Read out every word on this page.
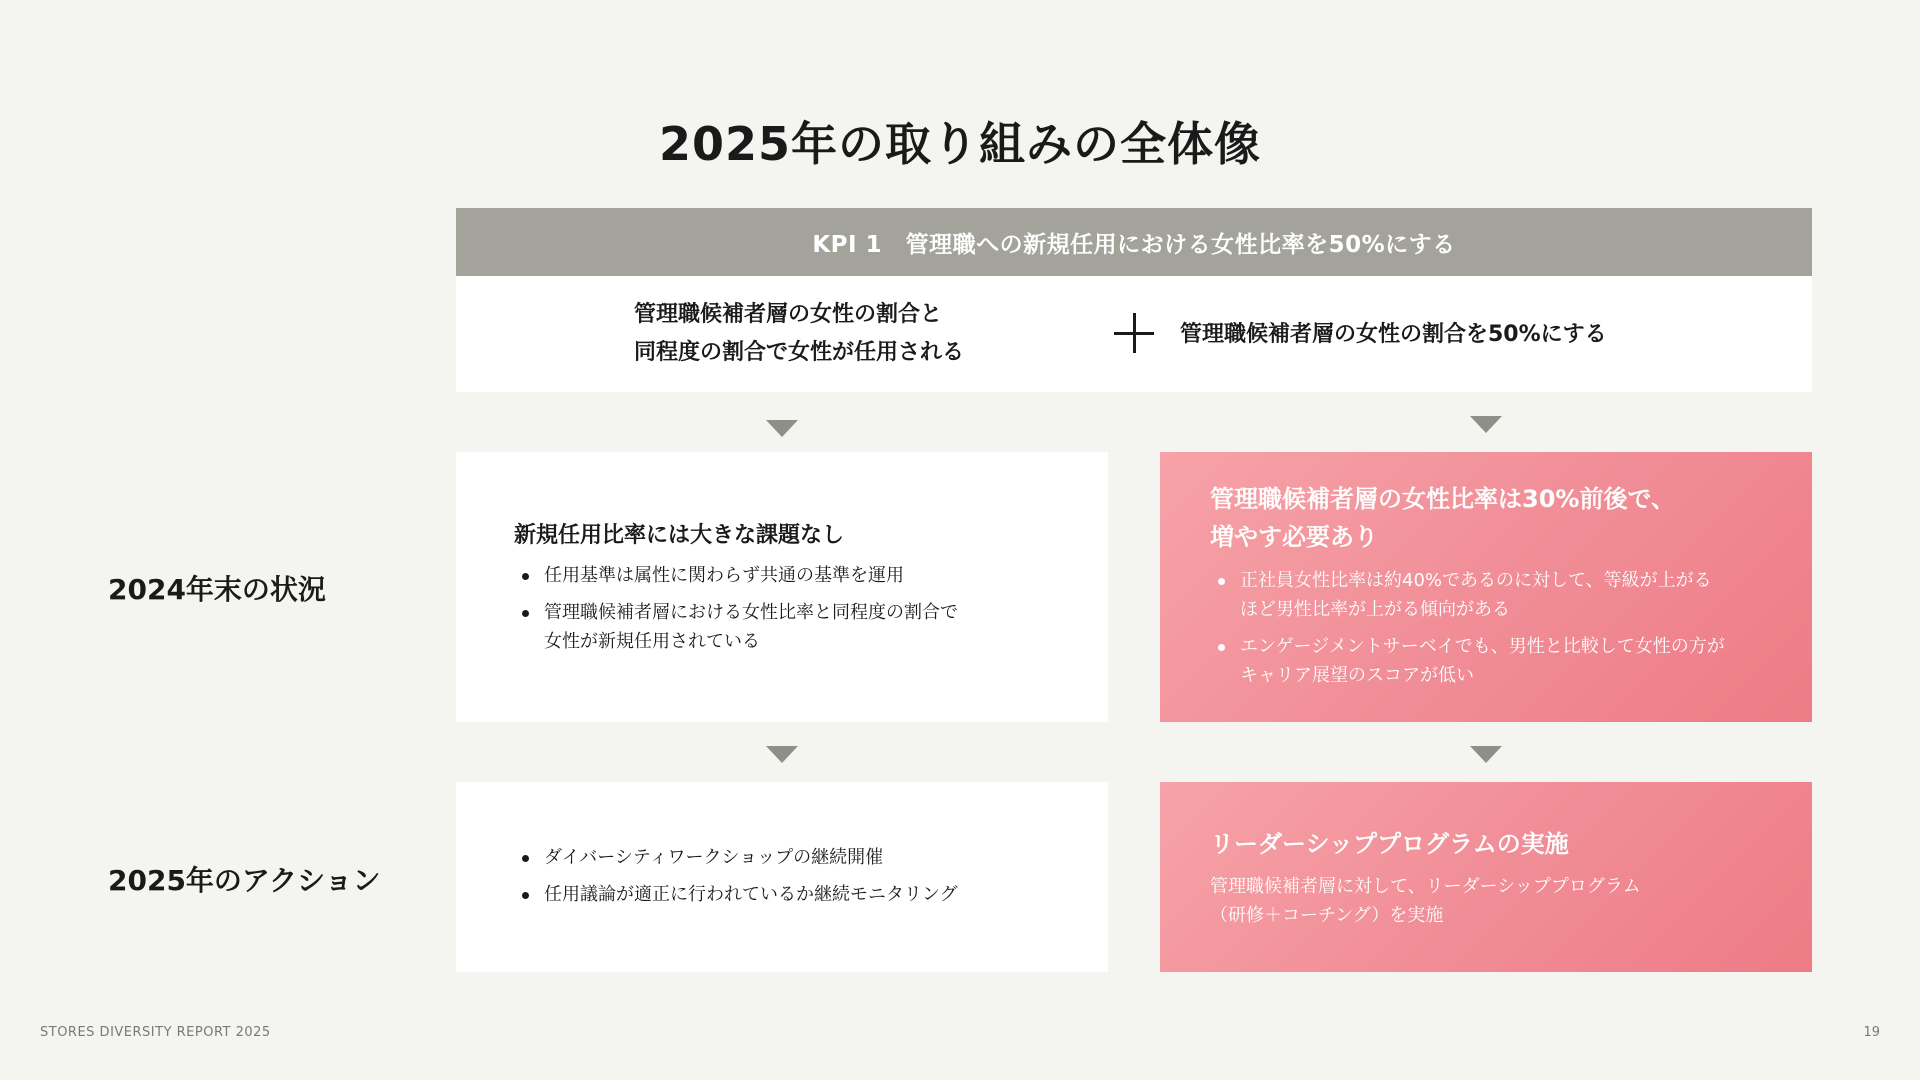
2025年の取り組みの全体像
KPI 1　管理職への新規任用における女性比率を50%にする
管理職候補者層の女性の割合と
同程度の割合で女性が任用される
管理職候補者層の女性の割合を50%にする
2024年末の状況
2025年のアクション
新規任用比率には大きな課題なし
任用基準は属性に関わらず共通の基準を運用
管理職候補者層における女性比率と同程度の割合で
女性が新規任用されている
管理職候補者層の女性比率は30%前後で、
増やす必要あり
正社員女性比率は約40%であるのに対して、等級が上がる
ほど男性比率が上がる傾向がある
エンゲージメントサーベイでも、男性と比較して女性の方が
キャリア展望のスコアが低い
ダイバーシティワークショップの継続開催
任用議論が適正に行われているか継続モニタリング
リーダーシッププログラムの実施
管理職候補者層に対して、リーダーシッププログラム
（研修＋コーチング）を実施
STORES DIVERSITY REPORT 2025	19
